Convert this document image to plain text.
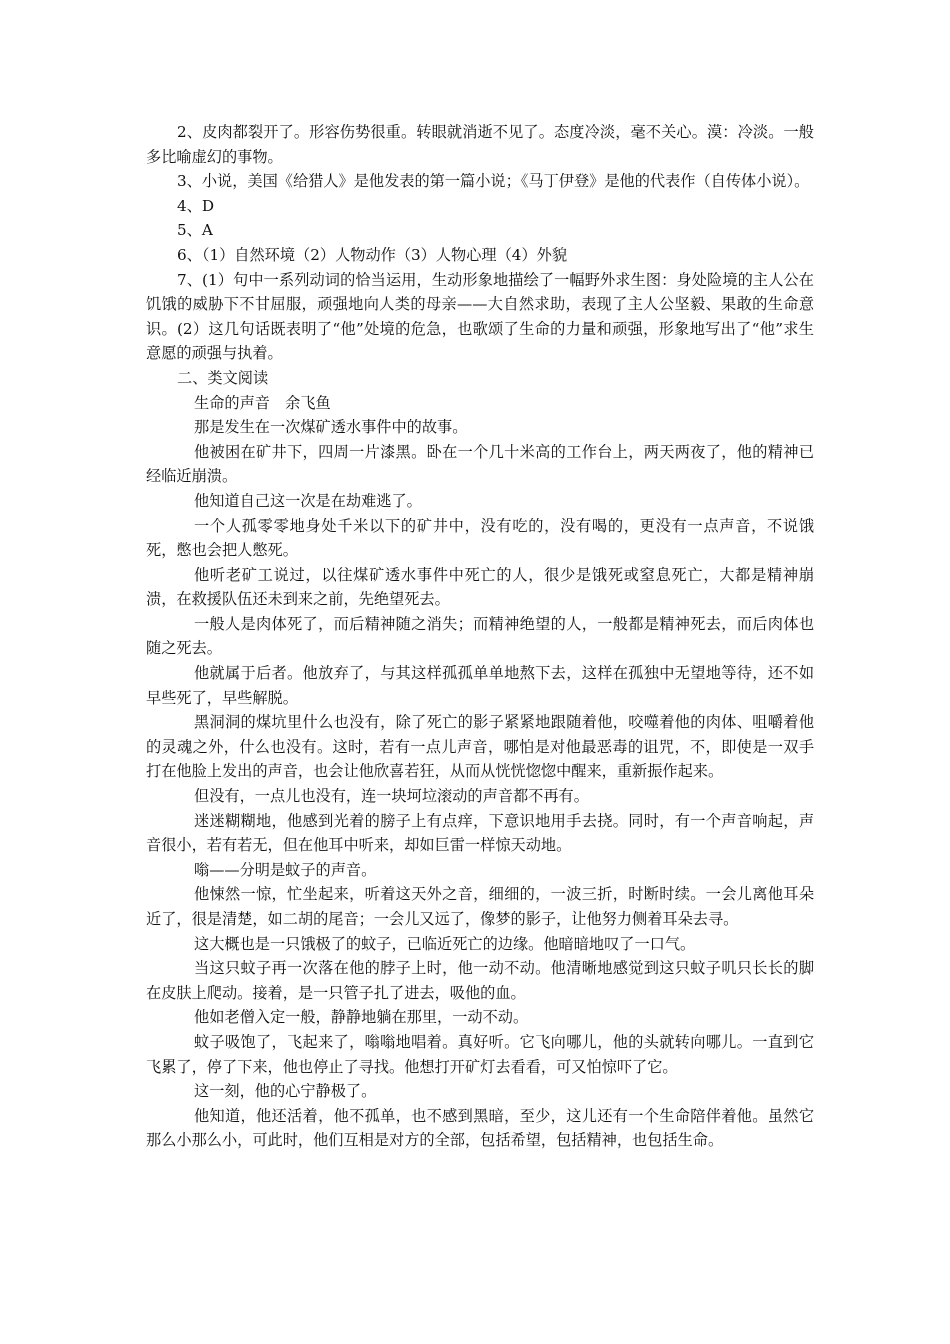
2、皮肉都裂开了。形容伤势很重。转眼就消逝不见了。态度冷淡，毫不关心。漠：冷淡。一般多比喻虚幻的事物。

3、小说，美国《给猎人》是他发表的第一篇小说；《马丁伊登》是他的代表作（自传体小说）。

4、D

5、A

6、（1）自然环境（2）人物动作（3）人物心理（4）外貌

7、(1）句中一系列动词的恰当运用，生动形象地描绘了一幅野外求生图：身处险境的主人公在饥饿的威胁下不甘屈服，顽强地向人类的母亲——大自然求助，表现了主人公坚毅、果敢的生命意识。(2）这几句话既表明了“他”处境的危急，也歌颂了生命的力量和顽强，形象地写出了“他”求生意愿的顽强与执着。

二、类文阅读

生命的声音　余飞鱼

那是发生在一次煤矿透水事件中的故事。

他被困在矿井下，四周一片漆黑。卧在一个几十米高的工作台上，两天两夜了，他的精神已经临近崩溃。

他知道自己这一次是在劫难逃了。

一个人孤零零地身处千米以下的矿井中，没有吃的，没有喝的，更没有一点声音，不说饿死，憋也会把人憋死。

他听老矿工说过，以往煤矿透水事件中死亡的人，很少是饿死或窒息死亡，大都是精神崩溃，在救援队伍还未到来之前，先绝望死去。

一般人是肉体死了，而后精神随之消失；而精神绝望的人，一般都是精神死去，而后肉体也随之死去。

他就属于后者。他放弃了，与其这样孤孤单单地熬下去，这样在孤独中无望地等待，还不如早些死了，早些解脱。

黑洞洞的煤坑里什么也没有，除了死亡的影子紧紧地跟随着他，咬噬着他的肉体、咀嚼着他的灵魂之外，什么也没有。这时，若有一点儿声音，哪怕是对他最恶毒的诅咒，不，即使是一双手打在他脸上发出的声音，也会让他欣喜若狂，从而从恍恍惚惚中醒来，重新振作起来。

但没有，一点儿也没有，连一块坷垃滚动的声音都不再有。

迷迷糊糊地，他感到光着的膀子上有点痒，下意识地用手去挠。同时，有一个声音响起，声音很小，若有若无，但在他耳中听来，却如巨雷一样惊天动地。

嗡——分明是蚊子的声音。

他悚然一惊，忙坐起来，听着这天外之音，细细的，一波三折，时断时续。一会儿离他耳朵近了，很是清楚，如二胡的尾音；一会儿又远了，像梦的影子，让他努力侧着耳朵去寻。

这大概也是一只饿极了的蚊子，已临近死亡的边缘。他暗暗地叹了一口气。

当这只蚊子再一次落在他的脖子上时，他一动不动。他清晰地感觉到这只蚊子叽只长长的脚在皮肤上爬动。接着，是一只管子扎了进去，吸他的血。

他如老僧入定一般，静静地躺在那里，一动不动。

蚊子吸饱了，飞起来了，嗡嗡地唱着。真好听。它飞向哪儿，他的头就转向哪儿。一直到它飞累了，停了下来，他也停止了寻找。他想打开矿灯去看看，可又怕惊吓了它。

这一刻，他的心宁静极了。

他知道，他还活着，他不孤单，也不感到黑暗，至少，这儿还有一个生命陪伴着他。虽然它那么小那么小，可此时，他们互相是对方的全部，包括希望，包括精神，也包括生命。
